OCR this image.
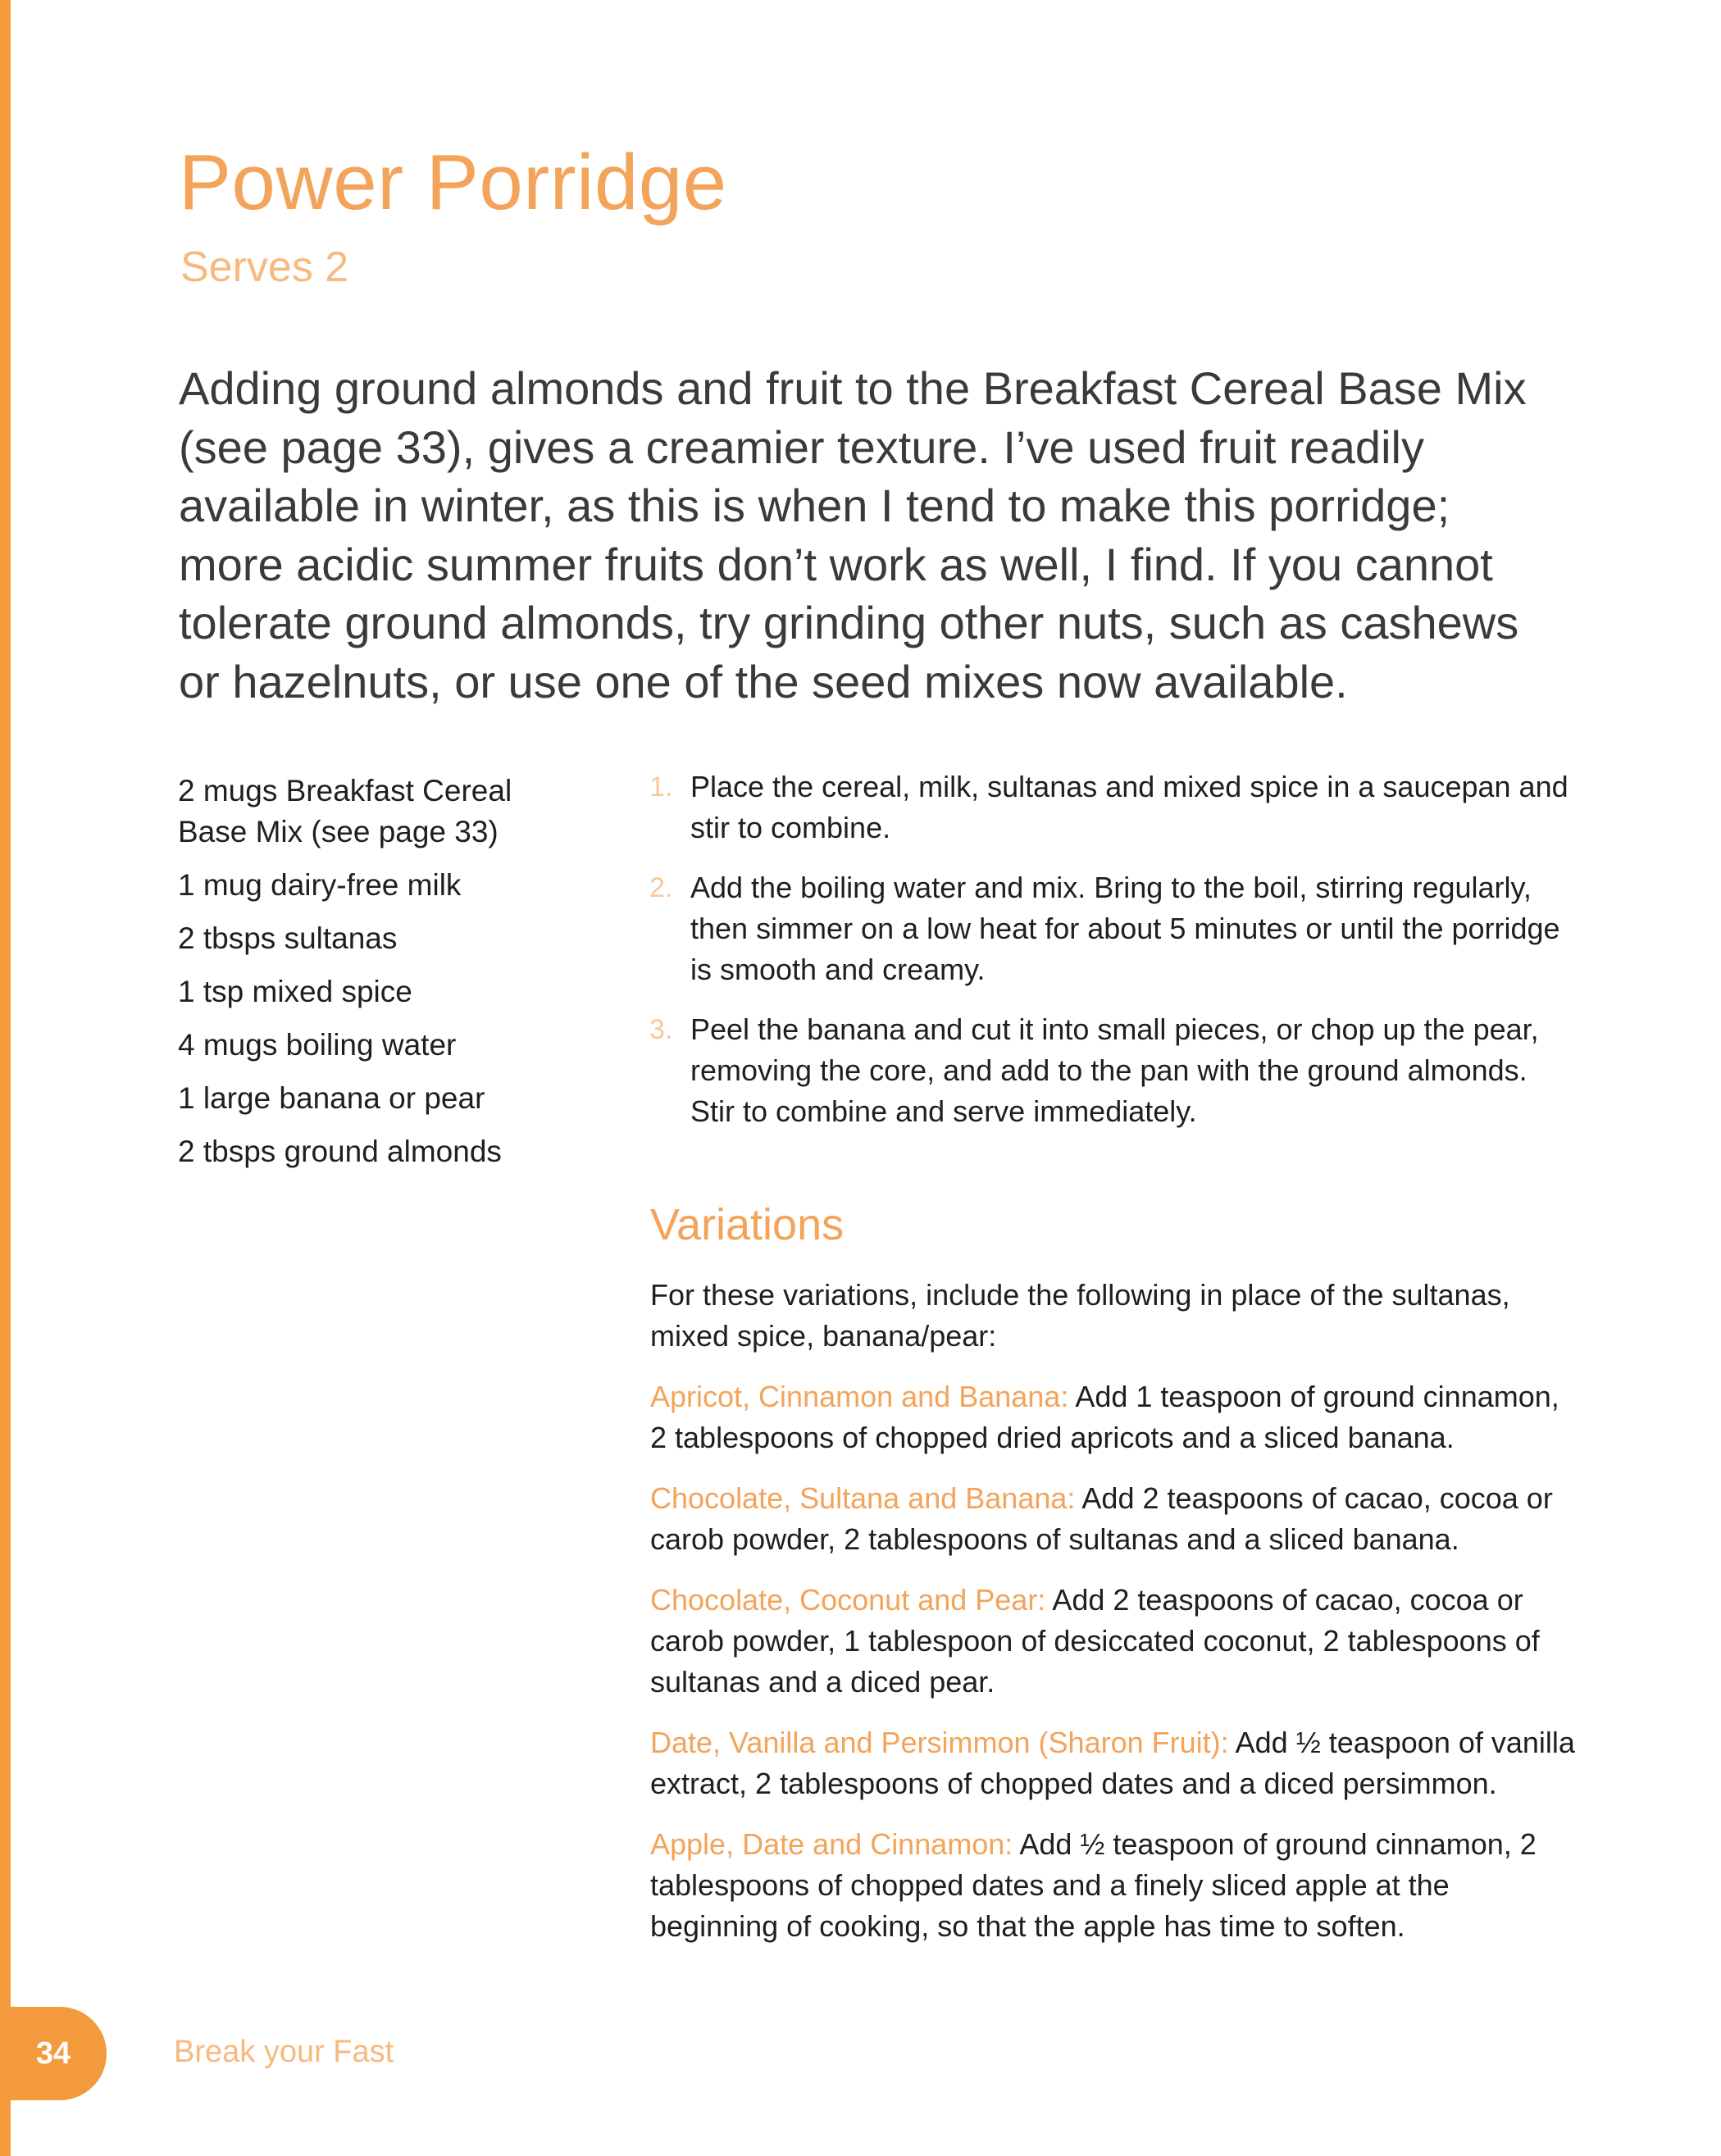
Power Porridge

Serves 2

Adding ground almonds and fruit to the Breakfast Cereal Base Mix (see page 33), gives a creamier texture. I’ve used fruit readily available in winter, as this is when I tend to make this porridge; more acidic summer fruits don’t work as well, I find. If you cannot tolerate ground almonds, try grinding other nuts, such as cashews or hazelnuts, or use one of the seed mixes now available.

2 mugs Breakfast Cereal Base Mix (see page 33)
1 mug dairy-free milk
2 tbsps sultanas
1 tsp mixed spice
4 mugs boiling water
1 large banana or pear
2 tbsps ground almonds
1. Place the cereal, milk, sultanas and mixed spice in a saucepan and stir to combine.
2. Add the boiling water and mix. Bring to the boil, stirring regularly, then simmer on a low heat for about 5 minutes or until the porridge is smooth and creamy.
3. Peel the banana and cut it into small pieces, or chop up the pear, removing the core, and add to the pan with the ground almonds. Stir to combine and serve immediately.
Variations

For these variations, include the following in place of the sultanas, mixed spice, banana/pear:

Apricot, Cinnamon and Banana: Add 1 teaspoon of ground cinnamon, 2 tablespoons of chopped dried apricots and a sliced banana.

Chocolate, Sultana and Banana: Add 2 teaspoons of cacao, cocoa or carob powder, 2 tablespoons of sultanas and a sliced banana.

Chocolate, Coconut and Pear: Add 2 teaspoons of cacao, cocoa or carob powder, 1 tablespoon of desiccated coconut, 2 tablespoons of sultanas and a diced pear.

Date, Vanilla and Persimmon (Sharon Fruit): Add ½ teaspoon of vanilla extract, 2 tablespoons of chopped dates and a diced persimmon.

Apple, Date and Cinnamon: Add ½ teaspoon of ground cinnamon, 2 tablespoons of chopped dates and a finely sliced apple at the beginning of cooking, so that the apple has time to soften.

34	Break your Fast
